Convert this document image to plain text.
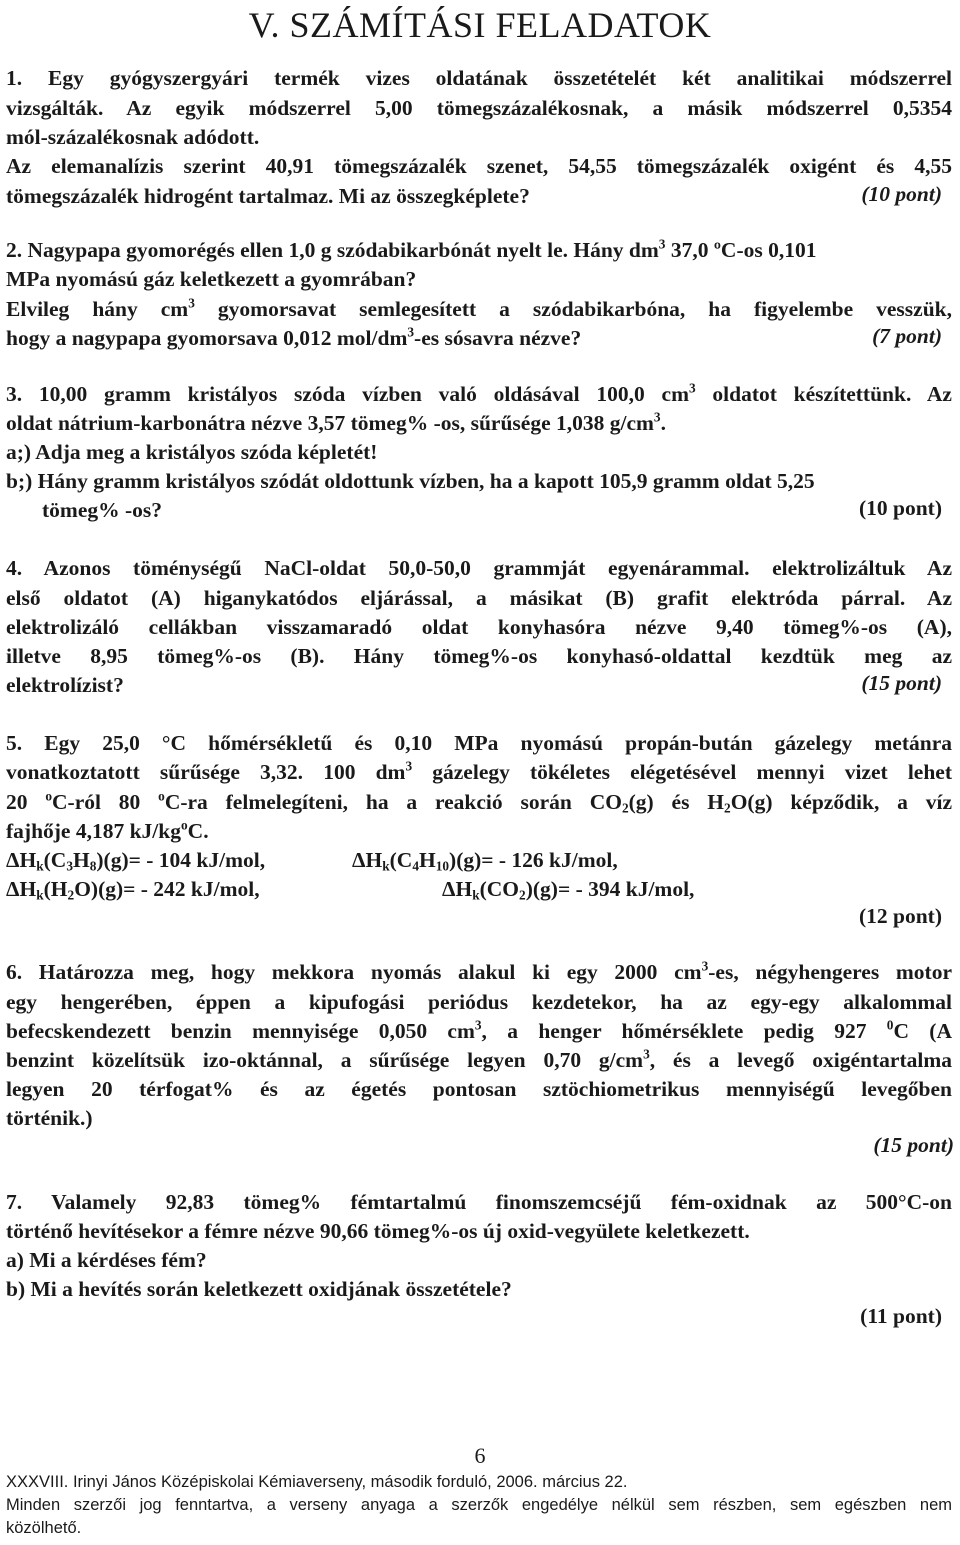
V. SZÁMÍTÁSI FELADATOK
1. Egy gyógyszergyári termék vizes oldatának összetételét két analitikai módszerrel
vizsgálták. Az egyik módszerrel 5,00 tömegszázalékosnak, a másik módszerrel 0,5354
mól-százalékosnak adódott.
Az elemanalízis szerint 40,91 tömegszázalék szenet, 54,55 tömegszázalék oxigént és 4,55
tömegszázalék hidrogént tartalmaz. Mi az összegképlete?	(10 pont)
2. Nagypapa gyomorégés ellen 1,0 g szódabikarbónát nyelt le. Hány $dm^3$ 37,0 ºC-os 0,101
MPa nyomású gáz keletkezett a gyomrában?
Elvileg hány $cm^3$ gyomorsavat semlegesített a szódabikarbóna, ha figyelembe vesszük,
hogy a nagypapa gyomorsava 0,012 mol/$dm^3-es$ sósavra nézve?	(7 pont)
3. 10,00 gramm kristályos szóda vízben való oldásával 100,0 $cm^3$ oldatot készítettünk. Az
oldat nátrium-karbonátra nézve 3,57 tömeg% -os, sűrűsége 1,038 $g/cm^3$.
a;) Adja meg a kristályos szóda képletét!
b;) Hány gramm kristályos szódát oldottunk vízben, ha a kapott 105,9 gramm oldat 5,25
tömeg% -os?	(10 pont)
4. Azonos töménységű NaCl-oldat 50,0-50,0 grammját egyenárammal. elektrolizáltuk Az
első oldatot (A) higanykatódos eljárással, a másikat (B) grafit elektróda párral. Az
elektrolizáló cellákban visszamaradó oldat konyhasóra nézve 9,40 tömeg%-os (A),
illetve 8,95 tömeg%-os (B). Hány tömeg%-os konyhasó-oldattal kezdtük meg az
elektrolízist?	(15 pont)
5. Egy 25,0 °C hőmérsékletű és 0,10 MPa nyomású propán-bután gázelegy metánra
vonatkoztatott sűrűsége 3,32. 100 $dm^3$ gázelegy tökéletes elégetésével mennyi vizet lehet
20 $^o$C-ról 80 $^o$C-ra felmelegíteni, ha a reakció során $CO_2(g)$ és $H_2O(g)$ képződik, a víz
fajhője 4,187 $kJ/kg^oC$.
$\Delta H_k(C_3H_8)(g)= - 104$ kJ/mol,	$\Delta H_k(C_4H_{10})(g)= - 126$ kJ/mol,
$\Delta H_k(H_2O)(g)= - 242$ kJ/mol,	$\Delta H_k(CO_2)(g)= - 394$ kJ/mol,
(12 pont)
6. Határozza meg, hogy mekkora nyomás alakul ki egy 2000 $cm^3-es$, négyhengeres motor
egy hengerében, éppen a kipufogási periódus kezdetekor, ha az egy-egy alkalommal
befecskendezett benzin mennyisége 0,050 $cm^3$, a henger hőmérséklete pedig 927 $^0$C (A
benzint közelítsük izo-oktánnal, a sűrűsége legyen 0,70 $g/cm^3$, és a levegő oxigéntartalma
legyen 20 térfogat% és az égetés pontosan sztöchiometrikus mennyiségű levegőben
történik.)
(15 pont)
7. Valamely 92,83 tömeg% fémtartalmú finomszemcséjű fém-oxidnak az 500°C-on
történő hevítésekor a fémre nézve 90,66 tömeg%-os új oxid-vegyülete keletkezett.
a) Mi a kérdéses fém?
b) Mi a hevítés során keletkezett oxidjának összetétele?
(11 pont)
6
XXXVIII. Irinyi János Középiskolai Kémiaverseny, második forduló, 2006. március 22.
Minden szerzői jog fenntartva, a verseny anyaga a szerzők engedélye nélkül sem részben, sem egészben nem
közölhető.
